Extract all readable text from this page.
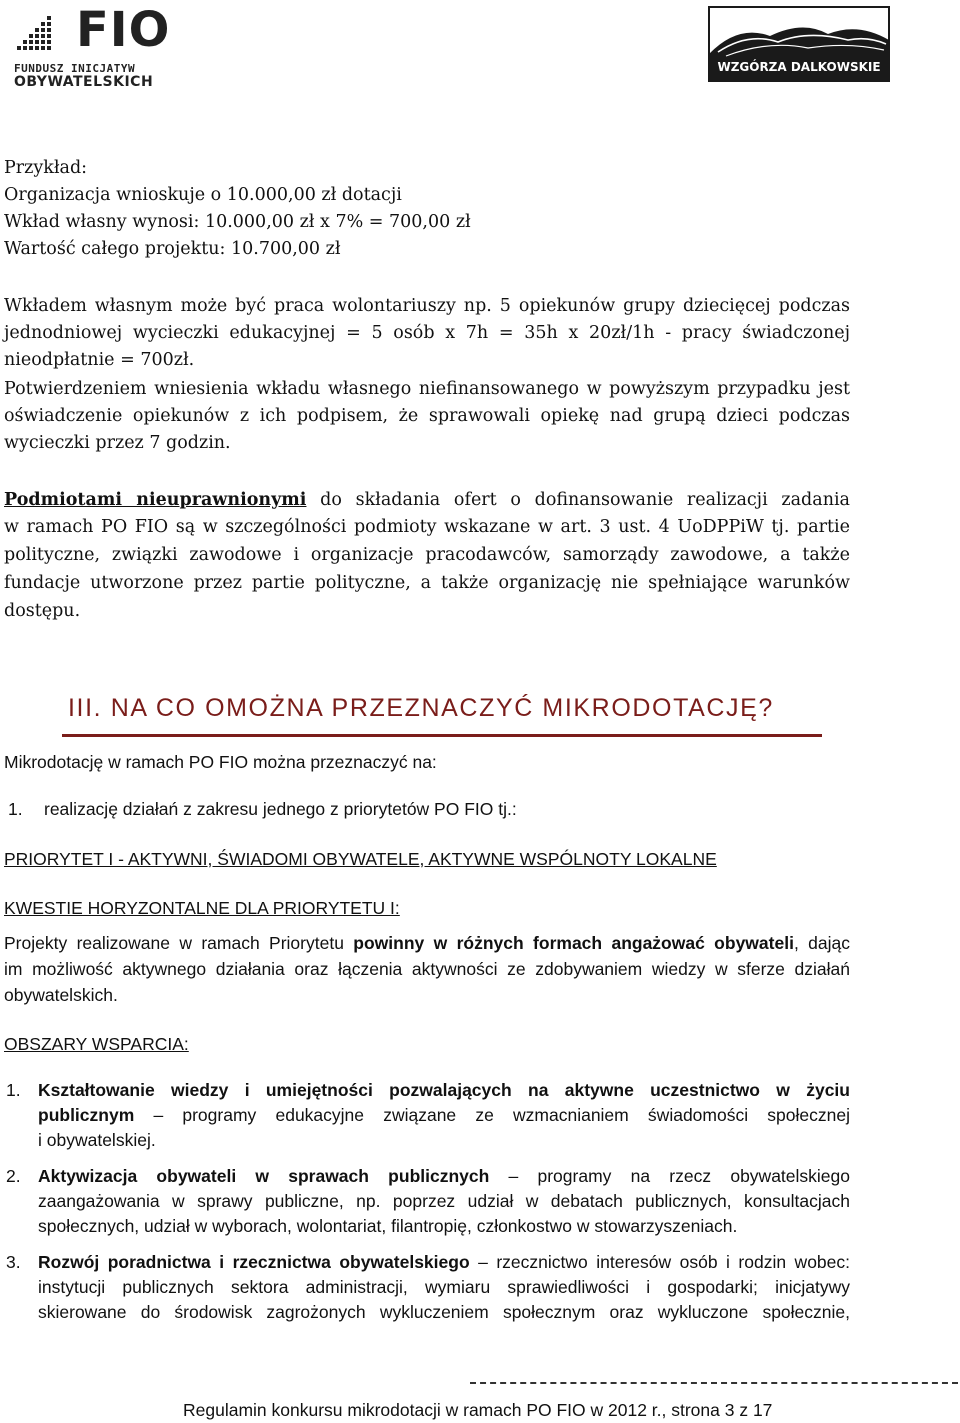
FIO
FUNDUSZ INICJATYW
OBYWATELSKICH
WZGÓRZA DALKOWSKIE
Przykład:
Organizacja wnioskuje o 10.000,00 zł dotacji
Wkład własny wynosi: 10.000,00 zł x 7% = 700,00 zł
Wartość całego projektu: 10.700,00 zł
Wkładem własnym może być praca wolontariuszy np. 5 opiekunów grupy dziecięcej podczas
jednodniowej wycieczki edukacyjnej = 5 osób x 7h = 35h x 20zł/1h - pracy świadczonej
nieodpłatnie = 700zł.
Potwierdzeniem wniesienia wkładu własnego niefinansowanego w powyższym przypadku jest
oświadczenie opiekunów z ich podpisem, że sprawowali opiekę nad grupą dzieci podczas
wycieczki przez 7 godzin.
Podmiotami nieuprawnionymi do składania ofert o dofinansowanie realizacji zadania
w ramach PO FIO są w szczególności podmioty wskazane w art. 3 ust. 4 UoDPPiW tj. partie
polityczne, związki zawodowe i organizacje pracodawców, samorządy zawodowe, a także
fundacje utworzone przez partie polityczne, a także organizację nie spełniające warunków
dostępu.
III. NA CO OMOŻNA PRZEZNACZYĆ MIKRODOTACJĘ?
Mikrodotację w ramach PO FIO można przeznaczyć na:
1. realizację działań z zakresu jednego z priorytetów PO FIO tj.:
PRIORYTET I - AKTYWNI, ŚWIADOMI OBYWATELE, AKTYWNE WSPÓLNOTY LOKALNE
KWESTIE HORYZONTALNE DLA PRIORYTETU I:
Projekty realizowane w ramach Priorytetu powinny w różnych formach angażować obywateli, dając
im możliwość aktywnego działania oraz łączenia aktywności ze zdobywaniem wiedzy w sferze działań
obywatelskich.
OBSZARY WSPARCIA:
1. Kształtowanie wiedzy i umiejętności pozwalających na aktywne uczestnictwo w życiu
publicznym – programy edukacyjne związane ze wzmacnianiem świadomości społecznej
i obywatelskiej.
2. Aktywizacja obywateli w sprawach publicznych – programy na rzecz obywatelskiego
zaangażowania w sprawy publiczne, np. poprzez udział w debatach publicznych, konsultacjach
społecznych, udział w wyborach, wolontariat, filantropię, członkostwo w stowarzyszeniach.
3. Rozwój poradnictwa i rzecznictwa obywatelskiego – rzecznictwo interesów osób i rodzin wobec:
instytucji publicznych sektora administracji, wymiaru sprawiedliwości i gospodarki; inicjatywy
skierowane do środowisk zagrożonych wykluczeniem społecznym oraz wykluczone społecznie,
Regulamin konkursu mikrodotacji w ramach PO FIO w 2012 r., strona 3 z 17
